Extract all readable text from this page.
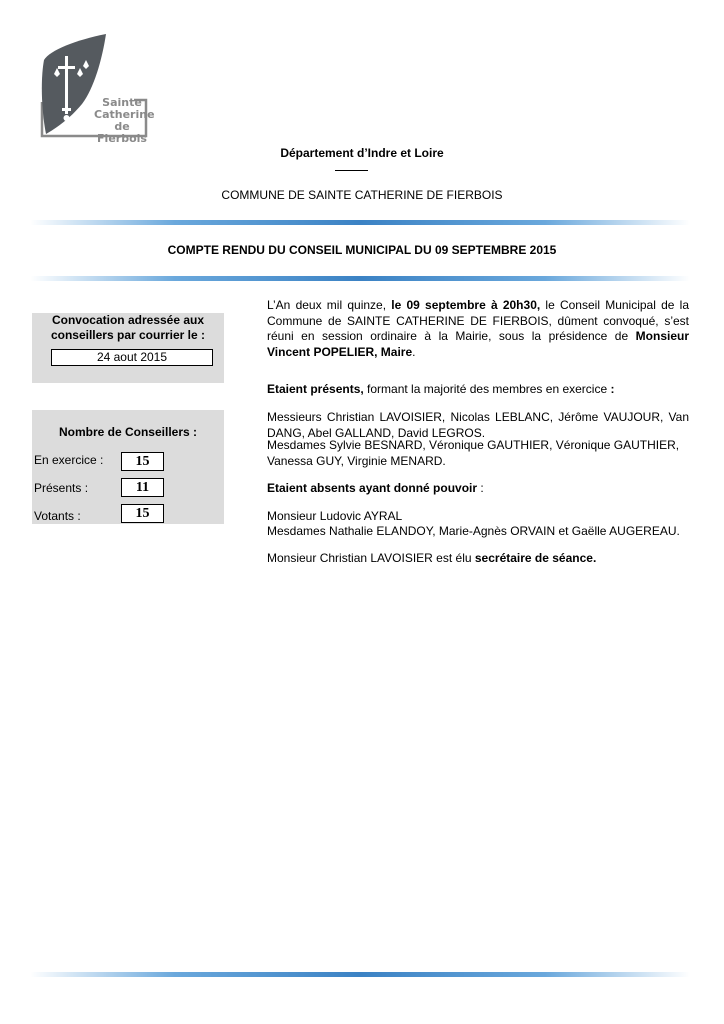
Sainte
Catherine
de Fierbois
Département d’Indre et Loire
COMMUNE DE SAINTE CATHERINE DE FIERBOIS
COMPTE RENDU DU CONSEIL MUNICIPAL DU 09 SEPTEMBRE 2015
Convocation adressée aux conseillers par courrier le :
24 aout 2015
Nombre de Conseillers :
En exercice :	15
Présents :	11
Votants :	15
L’An deux mil quinze, le 09 septembre à 20h30, le Conseil Municipal de la Commune de SAINTE CATHERINE DE FIERBOIS, dûment convoqué, s’est réuni en session ordinaire à la Mairie, sous la présidence de Monsieur Vincent POPELIER, Maire.
Etaient présents, formant la majorité des membres en exercice :
Messieurs Christian LAVOISIER, Nicolas LEBLANC, Jérôme VAUJOUR, Van DANG, Abel GALLAND, David LEGROS.
Mesdames Sylvie BESNARD, Véronique GAUTHIER, Véronique GAUTHIER, Vanessa GUY, Virginie MENARD.
Etaient absents ayant donné pouvoir :
Monsieur Ludovic AYRAL
Mesdames Nathalie ELANDOY, Marie-Agnès ORVAIN et Gaëlle AUGEREAU.
Monsieur Christian LAVOISIER est élu secrétaire de séance.
